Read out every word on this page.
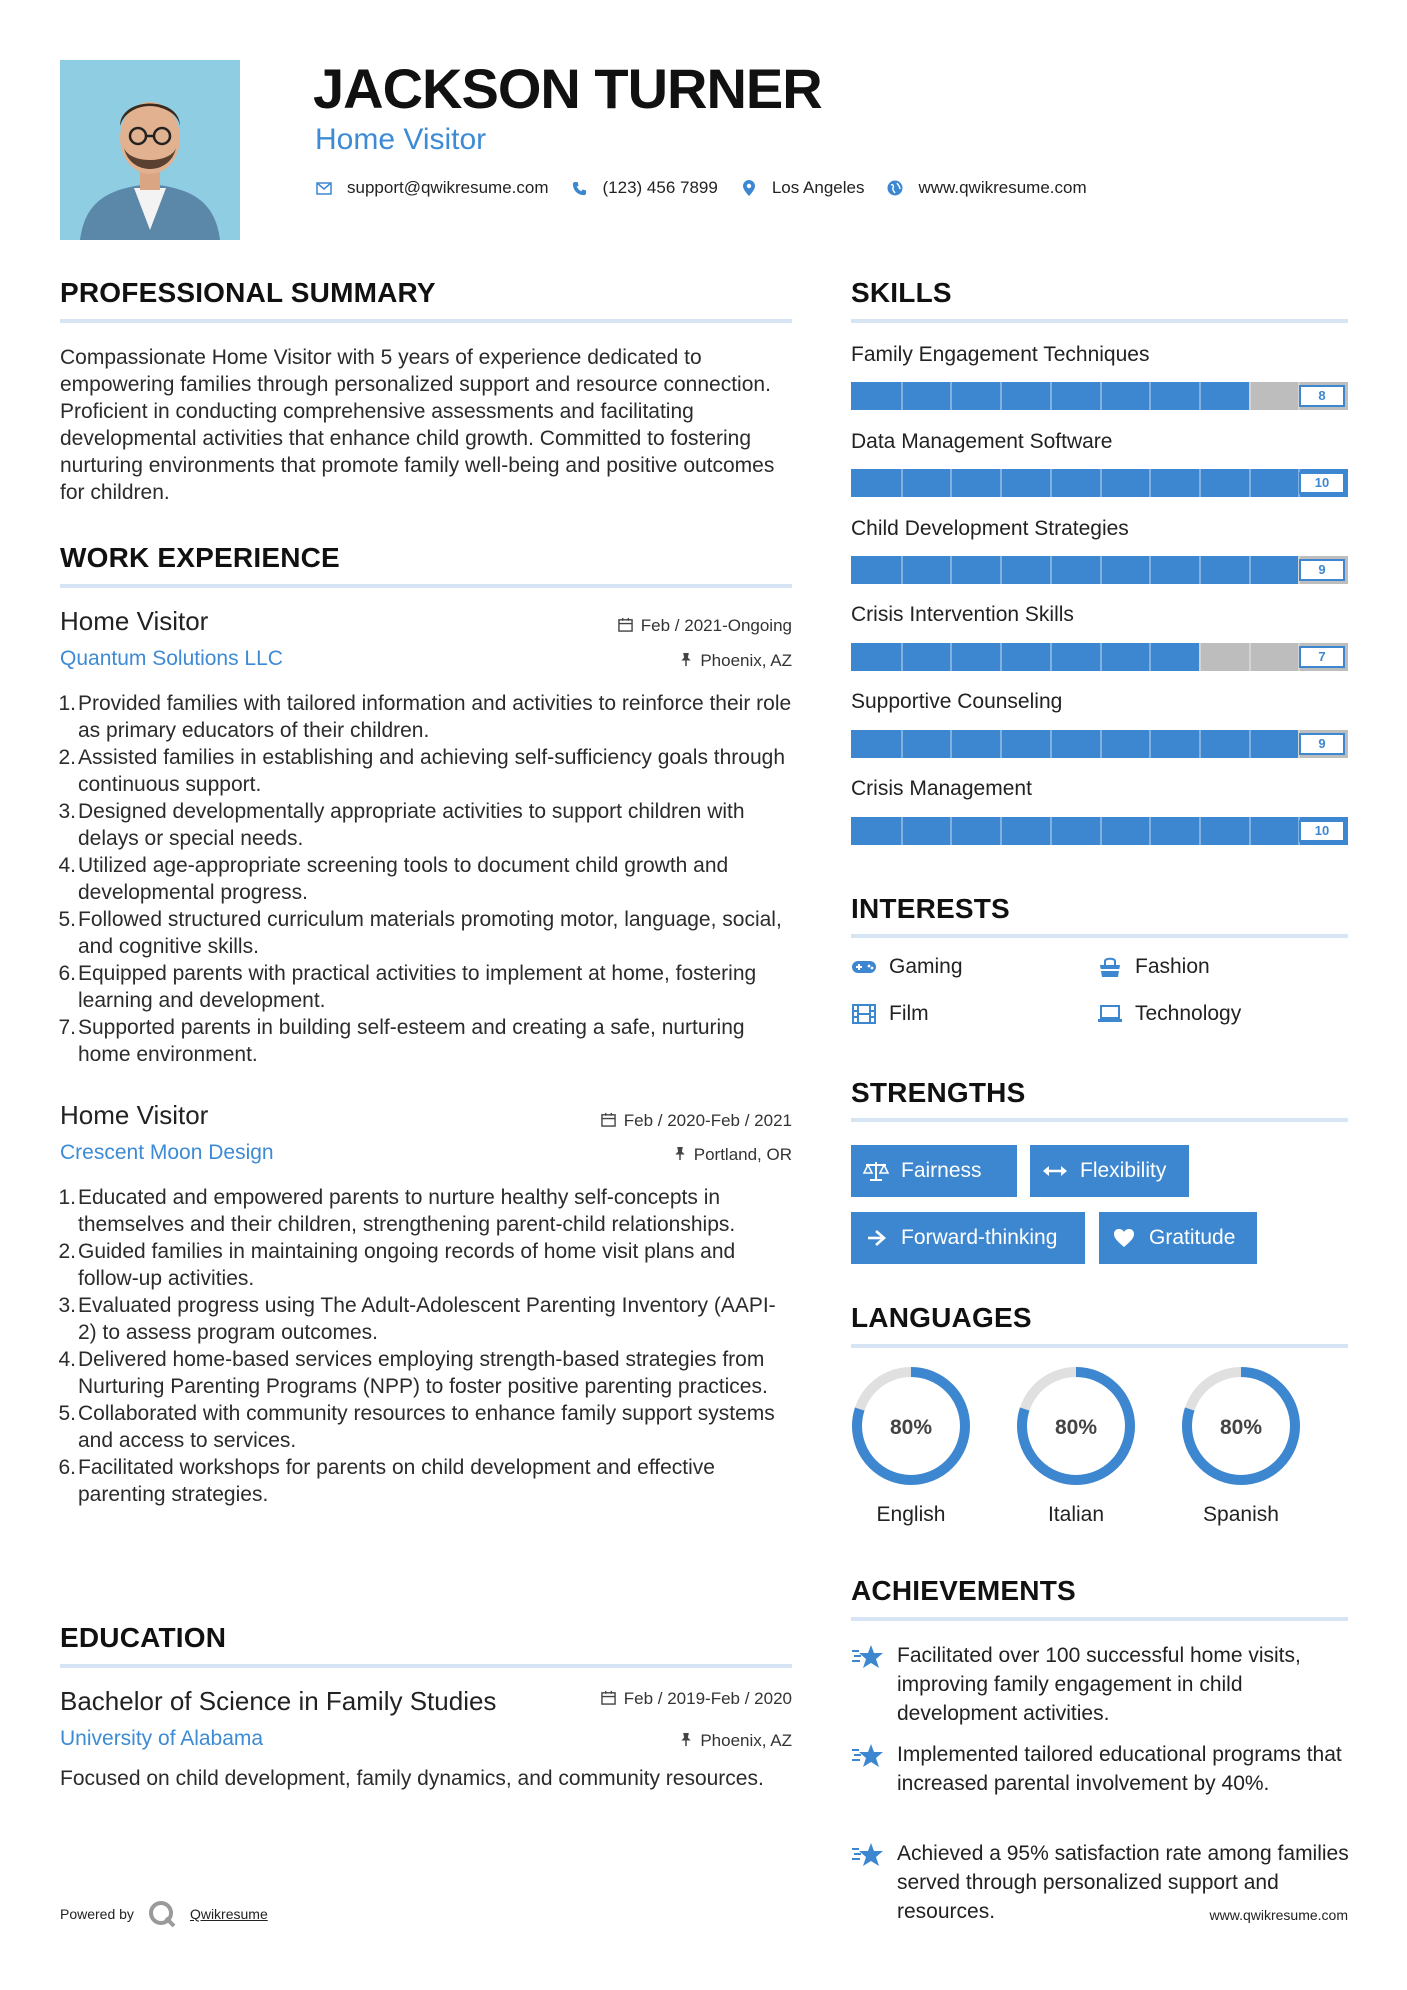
JACKSON TURNER
Home Visitor
support@qwikresume.com	(123) 456 7899	Los Angeles	www.qwikresume.com
PROFESSIONAL SUMMARY
Compassionate Home Visitor with 5 years of experience dedicated to empowering families through personalized support and resource connection. Proficient in conducting comprehensive assessments and facilitating developmental activities that enhance child growth. Committed to fostering nurturing environments that promote family well-being and positive outcomes for children.
WORK EXPERIENCE
Home Visitor	Feb / 2021-Ongoing
Quantum Solutions LLC	Phoenix, AZ
1. Provided families with tailored information and activities to reinforce their role as primary educators of their children.
2. Assisted families in establishing and achieving self-sufficiency goals through continuous support.
3. Designed developmentally appropriate activities to support children with delays or special needs.
4. Utilized age-appropriate screening tools to document child growth and developmental progress.
5. Followed structured curriculum materials promoting motor, language, social, and cognitive skills.
6. Equipped parents with practical activities to implement at home, fostering learning and development.
7. Supported parents in building self-esteem and creating a safe, nurturing home environment.
Home Visitor	Feb / 2020-Feb / 2021
Crescent Moon Design	Portland, OR
1. Educated and empowered parents to nurture healthy self-concepts in themselves and their children, strengthening parent-child relationships.
2. Guided families in maintaining ongoing records of home visit plans and follow-up activities.
3. Evaluated progress using The Adult-Adolescent Parenting Inventory (AAPI-2) to assess program outcomes.
4. Delivered home-based services employing strength-based strategies from Nurturing Parenting Programs (NPP) to foster positive parenting practices.
5. Collaborated with community resources to enhance family support systems and access to services.
6. Facilitated workshops for parents on child development and effective parenting strategies.
EDUCATION
Bachelor of Science in Family Studies	Feb / 2019-Feb / 2020
University of Alabama	Phoenix, AZ
Focused on child development, family dynamics, and community resources.
Powered by	Qwikresume	www.qwikresume.com
SKILLS
Family Engagement Techniques
8
Data Management Software
10
Child Development Strategies
9
Crisis Intervention Skills
7
Supportive Counseling
9
Crisis Management
10
INTERESTS
Gaming	Fashion
Film	Technology
STRENGTHS
Fairness	Flexibility
Forward-thinking	Gratitude
LANGUAGES
80%
English
80%
Italian
80%
Spanish
ACHIEVEMENTS
Facilitated over 100 successful home visits, improving family engagement in child development activities.
Implemented tailored educational programs that increased parental involvement by 40%.
Achieved a 95% satisfaction rate among families served through personalized support and resources.
